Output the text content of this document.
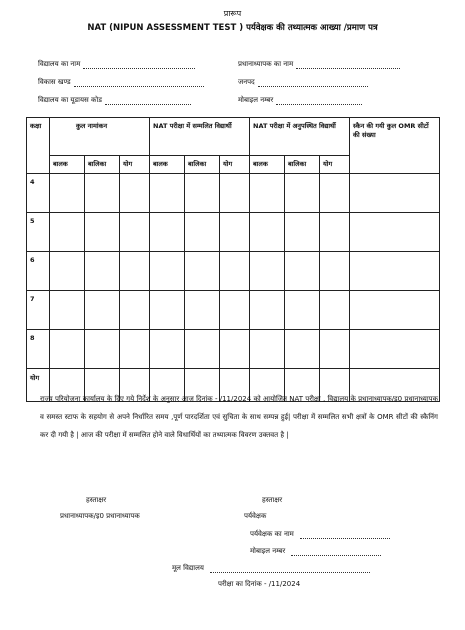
प्रारूप
NAT (NIPUN ASSESSMENT TEST ) पर्यवेक्षक की तथ्यात्मक आख्या /प्रमाण पत्र
विद्यालय का नाम	प्रधानाध्यापक का नाम
विकास खण्ड	जनपद
विद्यालय का यूडायस कोड	मोबाइल नम्बर
कक्षा	कुल नामांकन			NAT परीक्षा में सम्मलित विद्यार्थी			NAT परीक्षा में अनुपस्थित विद्यार्थी			स्कैन की गयी कुल OMR सीटों की संख्या
	बालक	बालिका	योग	बालक	बालिका	योग	बालक	बालिका	योग	
4										
5										
6										
7										
8										
योग										
राज्य परियोजना कार्यालय के दिए गये निर्देश के अनुसार आज दिनांक - /11/2024 को आयोजित NAT परीक्षा , विद्यालय के प्रधानाध्यापक/इ0 प्रधानाध्यापक व समस्त स्टाफ के सहयोग से अपने निर्धारित समय ,पूर्ण पारदर्शिता एवं सुचिता के साथ सम्पन्न हुई| परीक्षा में सम्मलित सभी क्षत्रों के OMR सीटों की स्कैनिंग कर दी गयी है | आज की परीक्षा में सम्मलित होने वाले विधार्थियों का तथ्यात्मक विवरण उक्तवत है |
हस्ताक्षर
प्रधानाध्यापक/इ0 प्रधानाध्यापक
हस्ताक्षर
पर्यवेक्षक
पर्यवेक्षक का नाम
मोबाइल नम्बर
मूल विद्यालय
परीक्षा का दिनांक - /11/2024
